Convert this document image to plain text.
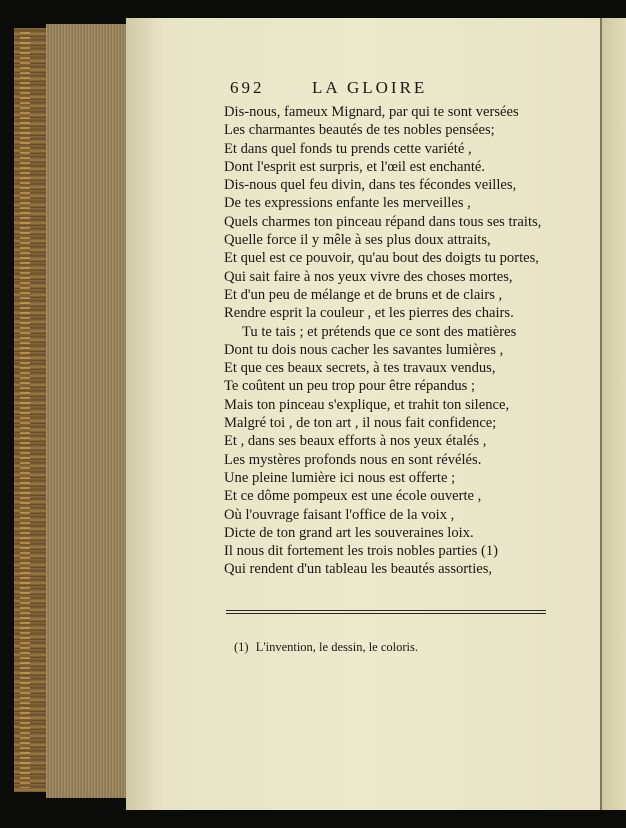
692	LA GLOIRE
Dis-nous, fameux Mignard, par qui te sont versées
Les charmantes beautés de tes nobles pensées;
Et dans quel fonds tu prends cette variété ,
Dont l'esprit est surpris, et l'œil est enchanté.
Dis-nous quel feu divin, dans tes fécondes veilles,
De tes expressions enfante les merveilles ,
Quels charmes ton pinceau répand dans tous ses traits,
Quelle force il y mêle à ses plus doux attraits,
Et quel est ce pouvoir, qu'au bout des doigts tu portes,
Qui sait faire à nos yeux vivre des choses mortes,
Et d'un peu de mélange et de bruns et de clairs ,
Rendre esprit la couleur , et les pierres des chairs.
Tu te tais ; et prétends que ce sont des matières
Dont tu dois nous cacher les savantes lumières ,
Et que ces beaux secrets, à tes travaux vendus,
Te coûtent un peu trop pour être répandus ;
Mais ton pinceau s'explique, et trahit ton silence,
Malgré toi , de ton art , il nous fait confidence;
Et , dans ses beaux efforts à nos yeux étalés ,
Les mystères profonds nous en sont révélés.
Une pleine lumière ici nous est offerte ;
Et ce dôme pompeux est une école ouverte ,
Où l'ouvrage faisant l'office de la voix ,
Dicte de ton grand art les souveraines loix.
Il nous dit fortement les trois nobles parties (1)
Qui rendent d'un tableau les beautés assorties,
(1) L'invention, le dessin, le coloris.
